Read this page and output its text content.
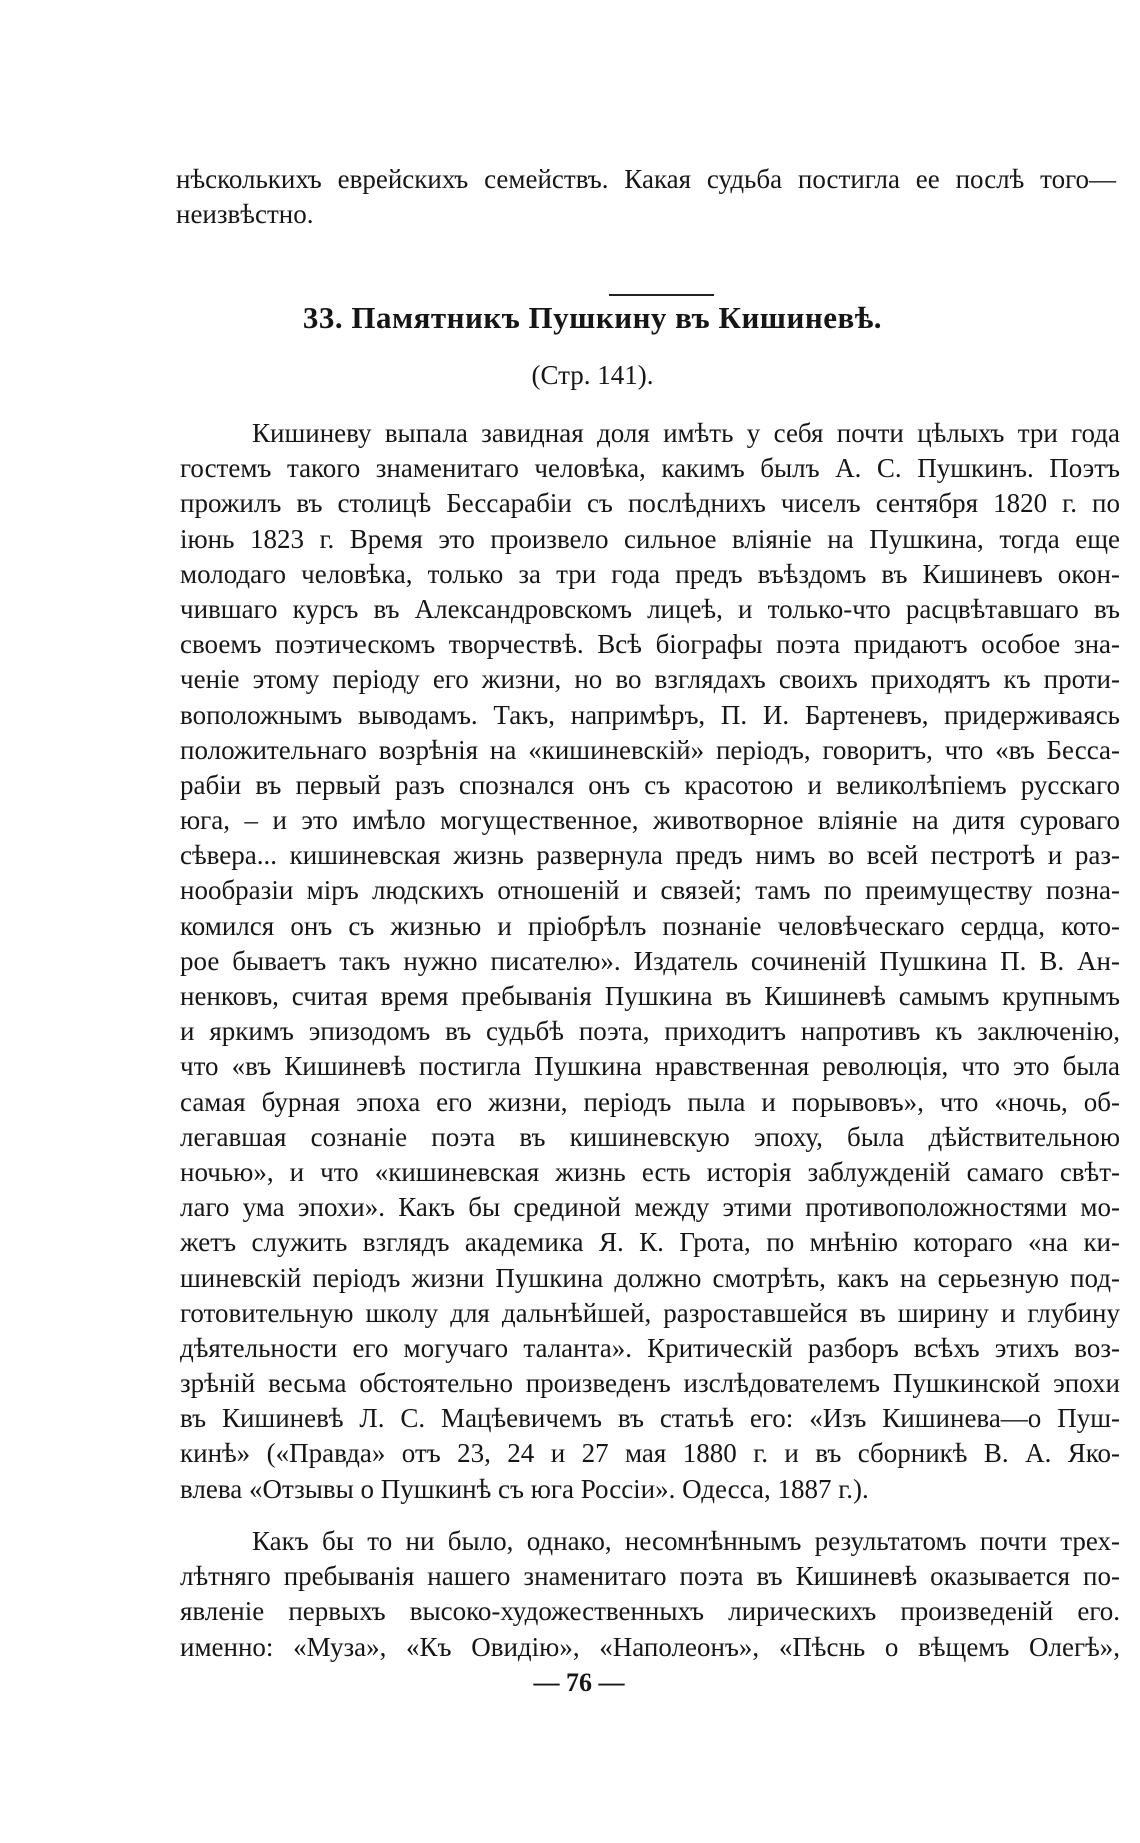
нѣсколькихъ еврейскихъ семействъ. Какая судьба постигла ее послѣ того—
неизвѣстно.
33. Памятникъ Пушкину въ Кишиневѣ.
(Стр. 141).
Кишиневу выпала завидная доля имѣть у себя почти цѣлыхъ три года
гостемъ такого знаменитаго человѣка, какимъ былъ А. С. Пушкинъ. Поэтъ
прожилъ въ столицѣ Бессарабіи съ послѣднихъ чиселъ сентября 1820 г. по
іюнь 1823 г. Время это произвело сильное вліяніе на Пушкина, тогда еще
молодаго человѣка, только за три года предъ въѣздомъ въ Кишиневъ окон-
чившаго курсъ въ Александровскомъ лицеѣ, и только-что расцвѣтавшаго въ
своемъ поэтическомъ творчествѣ. Всѣ біографы поэта придаютъ особое зна-
ченіе этому періоду его жизни, но во взглядахъ своихъ приходятъ къ проти-
воположнымъ выводамъ. Такъ, напримѣръ, П. И. Бартеневъ, придерживаясь
положительнаго возрѣнія на «кишиневскій» періодъ, говоритъ, что «въ Бесса-
рабіи въ первый разъ спознался онъ съ красотою и великолѣпіемъ русскаго
юга, – и это имѣло могущественное, животворное вліяніе на дитя суроваго
сѣвера... кишиневская жизнь развернула предъ нимъ во всей пестротѣ и раз-
нообразіи міръ людскихъ отношеній и связей; тамъ по преимуществу позна-
комился онъ съ жизнью и пріобрѣлъ познаніе человѣческаго сердца, кото-
рое бываетъ такъ нужно писателю». Издатель сочиненій Пушкина П. В. Ан-
ненковъ, считая время пребыванія Пушкина въ Кишиневѣ самымъ крупнымъ
и яркимъ эпизодомъ въ судьбѣ поэта, приходитъ напротивъ къ заключенію,
что «въ Кишиневѣ постигла Пушкина нравственная революція, что это была
самая бурная эпоха его жизни, періодъ пыла и порывовъ», что «ночь, об-
легавшая сознаніе поэта въ кишиневскую эпоху, была дѣйствительною
ночью», и что «кишиневская жизнь есть исторія заблужденій самаго свѣт-
лаго ума эпохи». Какъ бы срединой между этими противоположностями мо-
жетъ служить взглядъ академика Я. К. Грота, по мнѣнію котораго «на ки-
шиневскій періодъ жизни Пушкина должно смотрѣть, какъ на серьезную под-
готовительную школу для дальнѣйшей, разроставшейся въ ширину и глубину
дѣятельности его могучаго таланта». Критическій разборъ всѣхъ этихъ воз-
зрѣній весьма обстоятельно произведенъ изслѣдователемъ Пушкинской эпохи
въ Кишиневѣ Л. С. Мацѣевичемъ въ статьѣ его: «Изъ Кишинева—о Пуш-
кинѣ» («Правда» отъ 23, 24 и 27 мая 1880 г. и въ сборникѣ В. А. Яко-
влева «Отзывы о Пушкинѣ съ юга Россіи». Одесса, 1887 г.).
Какъ бы то ни было, однако, несомнѣннымъ результатомъ почти трех-
лѣтняго пребыванія нашего знаменитаго поэта въ Кишиневѣ оказывается по-
явленіе первыхъ высоко-художественныхъ лирическихъ произведеній его.
именно: «Муза», «Къ Овидію», «Наполеонъ», «Пѣснь о вѣщемъ Олегѣ»,
— 76 —
